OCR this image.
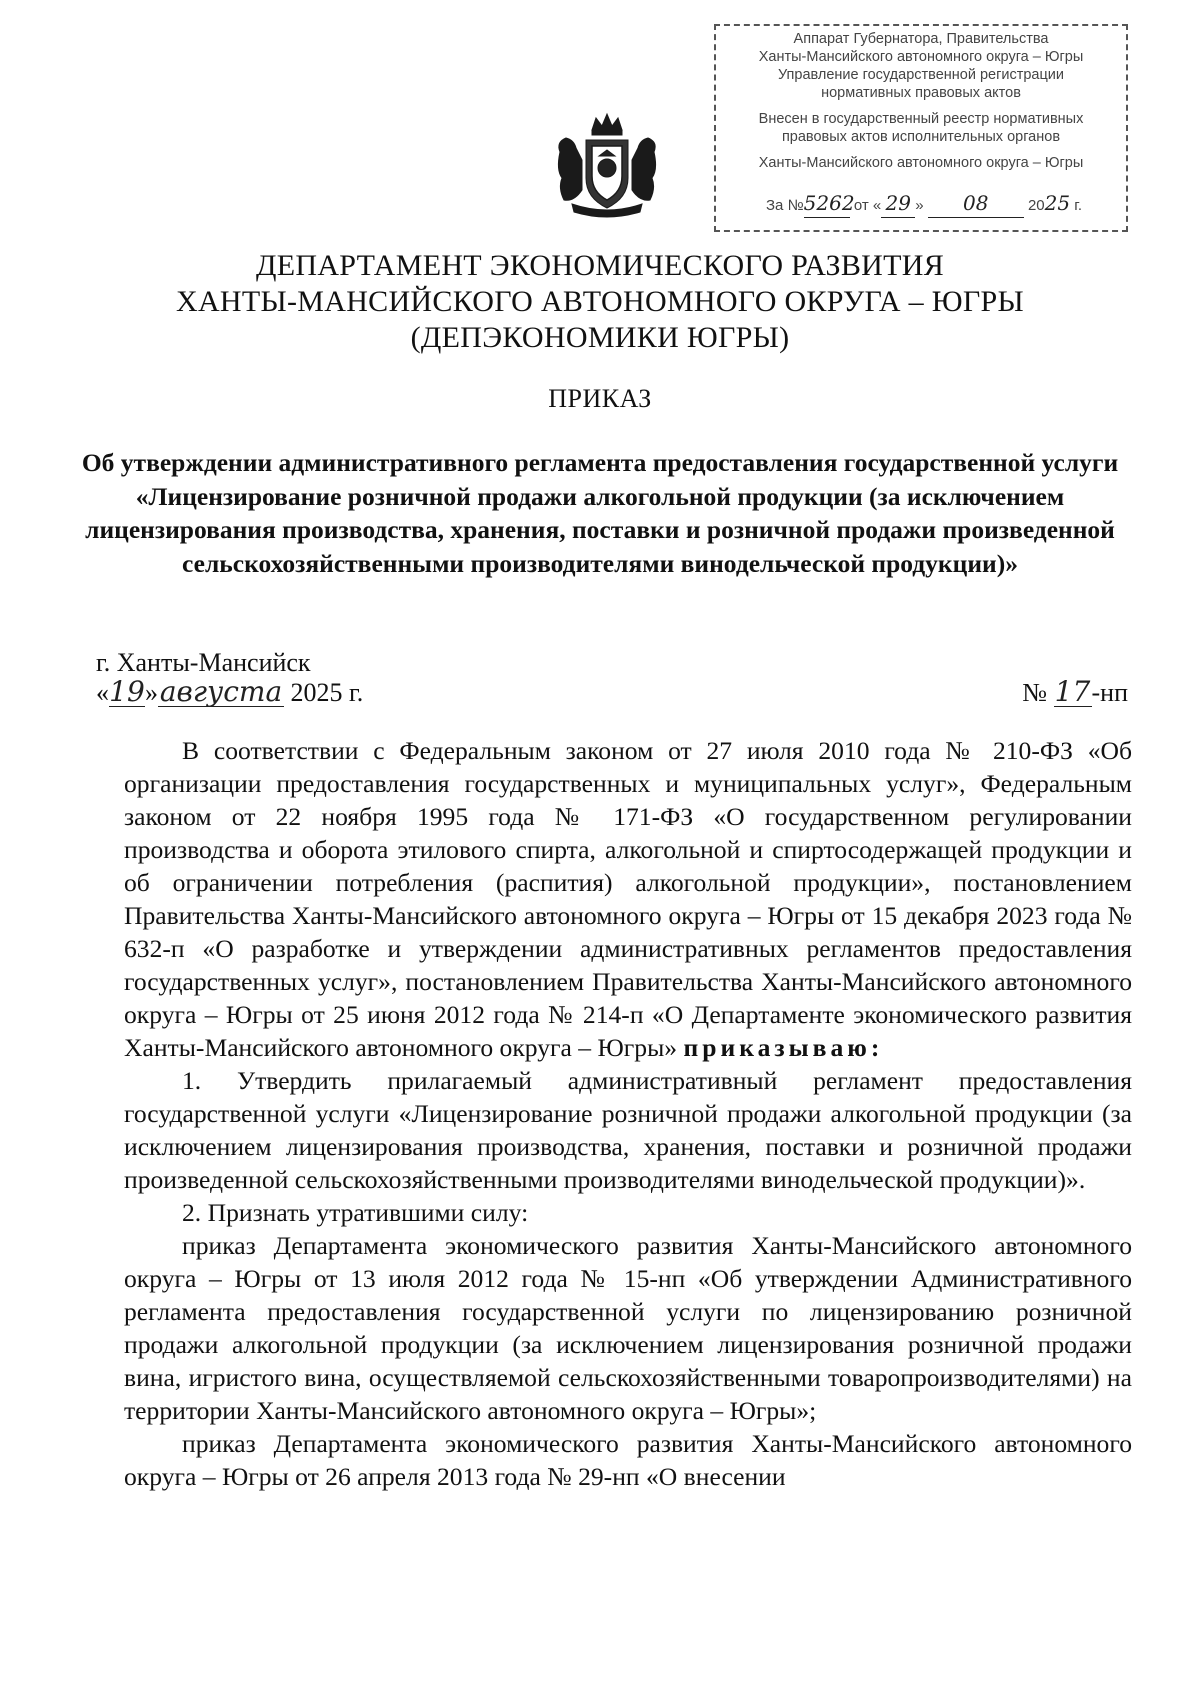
Аппарат Губернатора, Правительства
Ханты-Мансийского автономного округа – Югры
Управление государственной регистрации
нормативных правовых актов
Внесен в государственный реестр нормативных
правовых актов исполнительных органов
Ханты-Мансийского автономного округа – Югры
За №5262 от « 29 » 08	2025 г.
ДЕПАРТАМЕНТ ЭКОНОМИЧЕСКОГО РАЗВИТИЯ
ХАНТЫ-МАНСИЙСКОГО АВТОНОМНОГО ОКРУГА – ЮГРЫ
(ДЕПЭКОНОМИКИ ЮГРЫ)
ПРИКАЗ
Об утверждении административного регламента предоставления государственной услуги «Лицензирование розничной продажи алкогольной продукции (за исключением лицензирования производства, хранения, поставки и розничной продажи произведенной сельскохозяйственными производителями винодельческой продукции)»
г. Ханты-Мансийск
«19»августа 2025 г.	№ 17-нп

В соответствии с Федеральным законом от 27 июля 2010 года № 210-ФЗ «Об организации предоставления государственных и муниципальных услуг», Федеральным законом от 22 ноября 1995 года № 171-ФЗ «О государственном регулировании производства и оборота этилового спирта, алкогольной и спиртосодержащей продукции и об ограничении потребления (распития) алкогольной продукции», постановлением Правительства Ханты-Мансийского автономного округа – Югры от 15 декабря 2023 года № 632-п «О разработке и утверждении административных регламентов предоставления государственных услуг», постановлением Правительства Ханты-Мансийского автономного округа – Югры от 25 июня 2012 года № 214-п «О Департаменте экономического развития Ханты-Мансийского автономного округа – Югры» приказываю:

1. Утвердить прилагаемый административный регламент предоставления государственной услуги «Лицензирование розничной продажи алкогольной продукции (за исключением лицензирования производства, хранения, поставки и розничной продажи произведенной сельскохозяйственными производителями винодельческой продукции)».

2. Признать утратившими силу:

приказ Департамента экономического развития Ханты-Мансийского автономного округа – Югры от 13 июля 2012 года № 15-нп «Об утверждении Административного регламента предоставления государственной услуги по лицензированию розничной продажи алкогольной продукции (за исключением лицензирования розничной продажи вина, игристого вина, осуществляемой сельскохозяйственными товаропроизводителями) на территории Ханты-Мансийского автономного округа – Югры»;

приказ Департамента экономического развития Ханты-Мансийского автономного округа – Югры от 26 апреля 2013 года № 29-нп «О внесении
